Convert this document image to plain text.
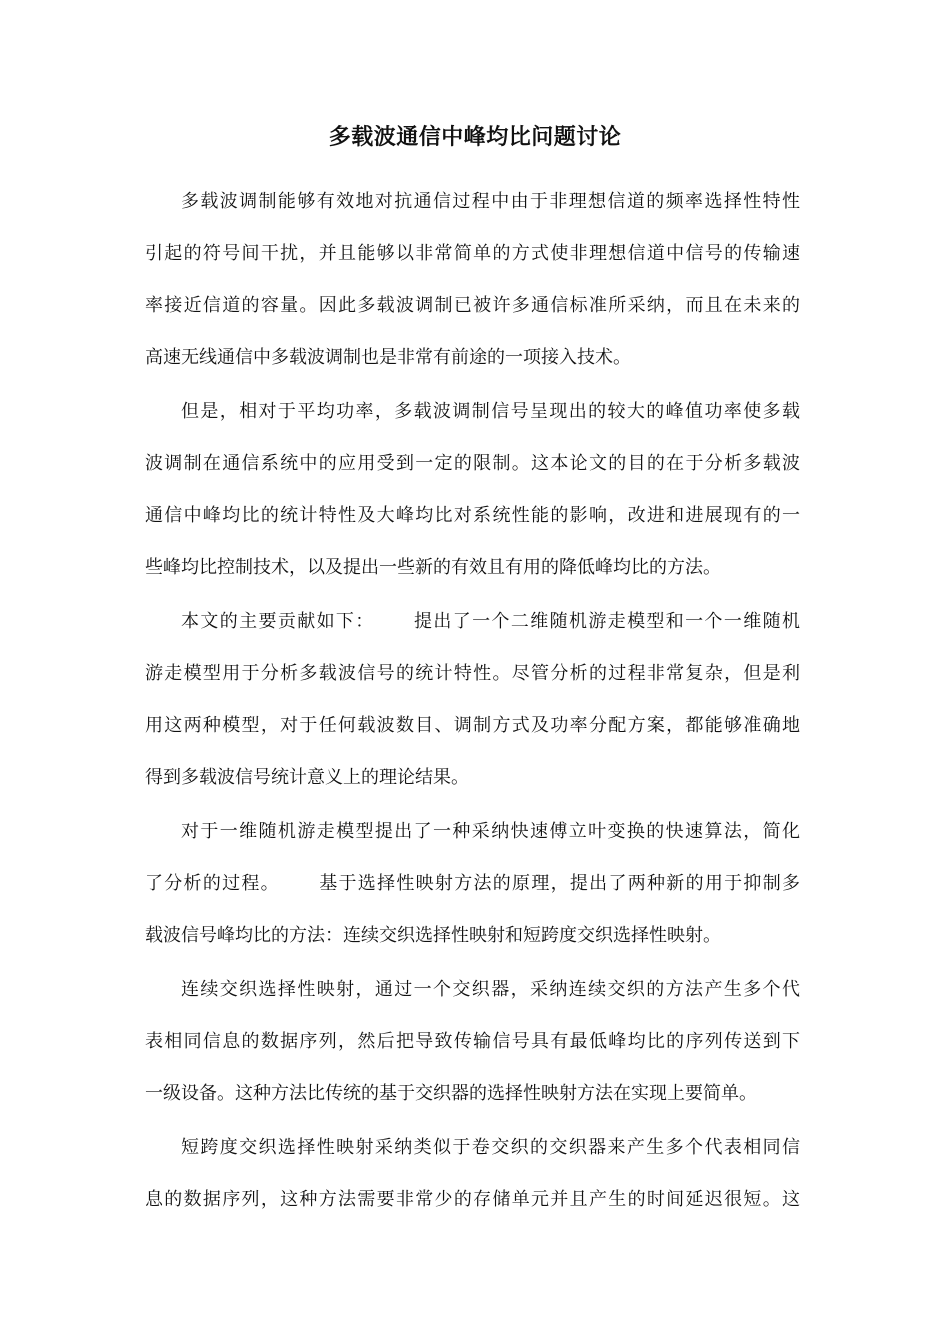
多载波通信中峰均比问题讨论
多载波调制能够有效地对抗通信过程中由于非理想信道的频率选择性特性
引起的符号间干扰，并且能够以非常简单的方式使非理想信道中信号的传输速
率接近信道的容量。因此多载波调制已被许多通信标准所采纳，而且在未来的
高速无线通信中多载波调制也是非常有前途的一项接入技术。
但是，相对于平均功率，多载波调制信号呈现出的较大的峰值功率使多载
波调制在通信系统中的应用受到一定的限制。这本论文的目的在于分析多载波
通信中峰均比的统计特性及大峰均比对系统性能的影响，改进和进展现有的一
些峰均比控制技术，以及提出一些新的有效且有用的降低峰均比的方法。
本文的主要贡献如下： 提出了一个二维随机游走模型和一个一维随机
游走模型用于分析多载波信号的统计特性。尽管分析的过程非常复杂，但是利
用这两种模型，对于任何载波数目、调制方式及功率分配方案，都能够准确地
得到多载波信号统计意义上的理论结果。
对于一维随机游走模型提出了一种采纳快速傅立叶变换的快速算法，简化
了分析的过程。 基于选择性映射方法的原理，提出了两种新的用于抑制多
载波信号峰均比的方法：连续交织选择性映射和短跨度交织选择性映射。
连续交织选择性映射，通过一个交织器，采纳连续交织的方法产生多个代
表相同信息的数据序列，然后把导致传输信号具有最低峰均比的序列传送到下
一级设备。这种方法比传统的基于交织器的选择性映射方法在实现上要简单。
短跨度交织选择性映射采纳类似于卷交织的交织器来产生多个代表相同信
息的数据序列，这种方法需要非常少的存储单元并且产生的时间延迟很短。这
